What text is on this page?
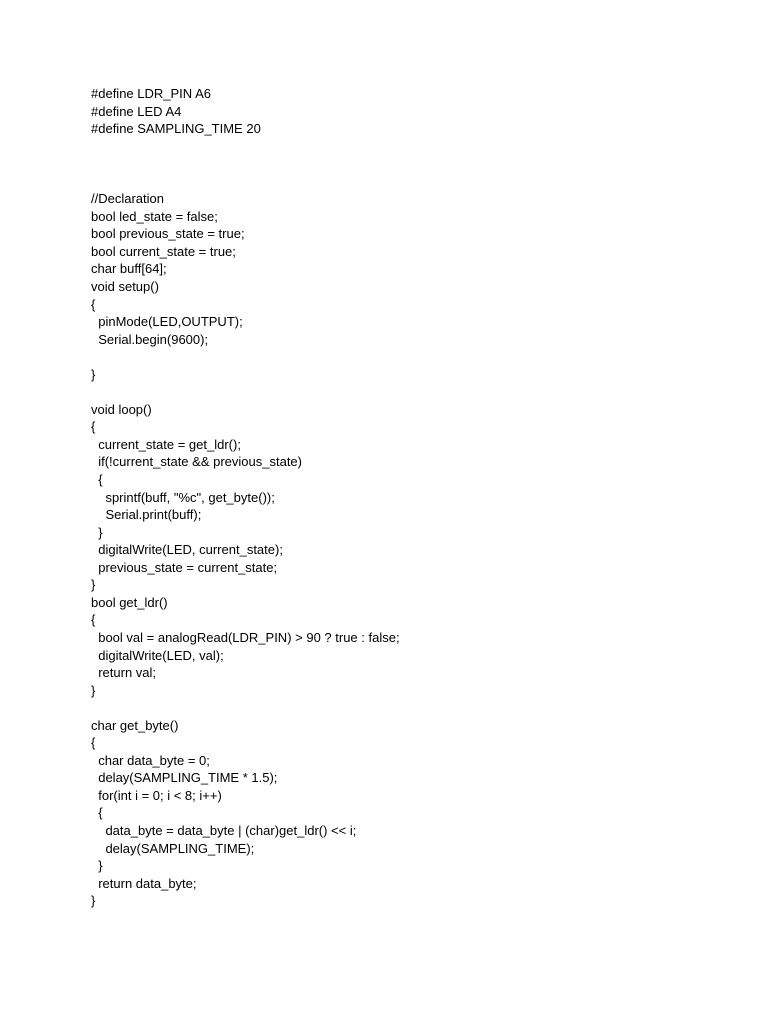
#define LDR_PIN A6
#define LED A4
#define SAMPLING_TIME 20
//Declaration
bool led_state = false;
bool previous_state = true;
bool current_state = true;
char buff[64];
void setup()
{
pinMode(LED,OUTPUT);
Serial.begin(9600);
}
void loop()
{
current_state = get_ldr();
if(!current_state && previous_state)
{
sprintf(buff, "%c", get_byte());
Serial.print(buff);
}
digitalWrite(LED, current_state);
previous_state = current_state;
}
bool get_ldr()
{
bool val = analogRead(LDR_PIN) > 90 ? true : false;
digitalWrite(LED, val);
return val;
}
char get_byte()
{
char data_byte = 0;
delay(SAMPLING_TIME * 1.5);
for(int i = 0; i < 8; i++)
{
data_byte = data_byte | (char)get_ldr() << i;
delay(SAMPLING_TIME);
}
return data_byte;
}
